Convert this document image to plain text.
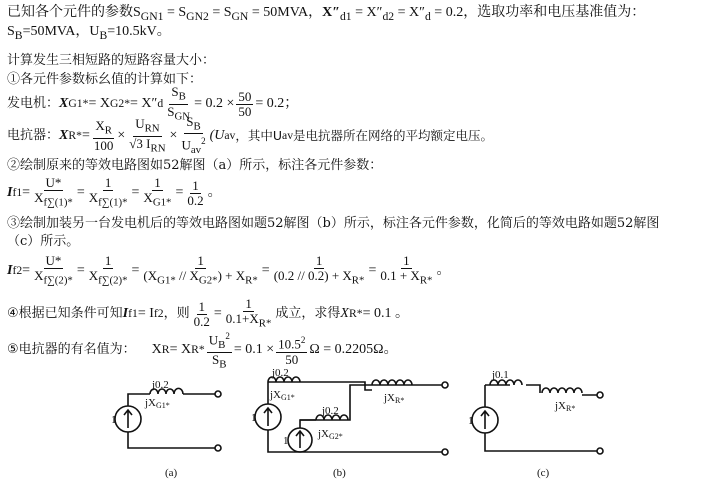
已知各个元件的参数$S_{GN1} = S_{GN2} = S_{GN} = 50MVA$，$X''_{d1} = X''_{d2} = X''_d = 0.2$，选取功率和电压基准值为：
$S_B=50MVA$，$U_B=10.5kV$。
计算发生三相短路的短路容量大小：
①各元件参数标幺值的计算如下：
发电机： X G1* = X G2* = X″ d $\frac{S_B}{S_{GN}} = 0.2 \times \frac{50}{50} = 0.2$；
电抗器： X $R* = \frac{X_R}{100} \times \frac{U_{RN}}{√3 I_{RN}} \times \frac{S_B}{U_{av}^2} (U$ av ，其中U av 是电抗器所在网络的平均额定电压。
②绘制原来的等效电路图如52解图（a）所示，标注各元件参数：
I $f1 = \frac{U*}{X_{f\sum(1)*}} = \frac{1}{X_{f\sum(1)*}} = \frac{1}{X_{G1*}} = \frac{1}{0.2}$ 。
③绘制加装另一台发电机后的等效电路图如题52解图（b）所示，标注各元件参数，化简后的等效电路如题52解图
（c）所示。
I $f2 = \frac{U*}{X_{f\sum(2)*}} = \frac{1}{X_{f\sum(2)*}} = \frac{1}{(X_{G1*} // X_{G2*}) + X_{R*}} = \frac{1}{(0.2 // 0.2) + X_{R*}} = \frac{1}{0.1 + X_{R*}}$ 。
④根据已知条件可知 I f1 = I f2 ，则 $\frac{1}{0.2} = \frac{1}{0.1+X_{R*}}$ 成立，求得 X R* = 0.1 。
⑤电抗器的有名值为： X R = X $R* \frac{U_B^2}{S_B} = 0.1 \times \frac{10.5^2}{50}$ Ω = 0.2205Ω 。
j0.2
jXG1*
1
(a)
j0.2
jXG1*	jXR*
1
j0.2
jXG2*
1
(b)
j0.1
jXR*
1
(c)
